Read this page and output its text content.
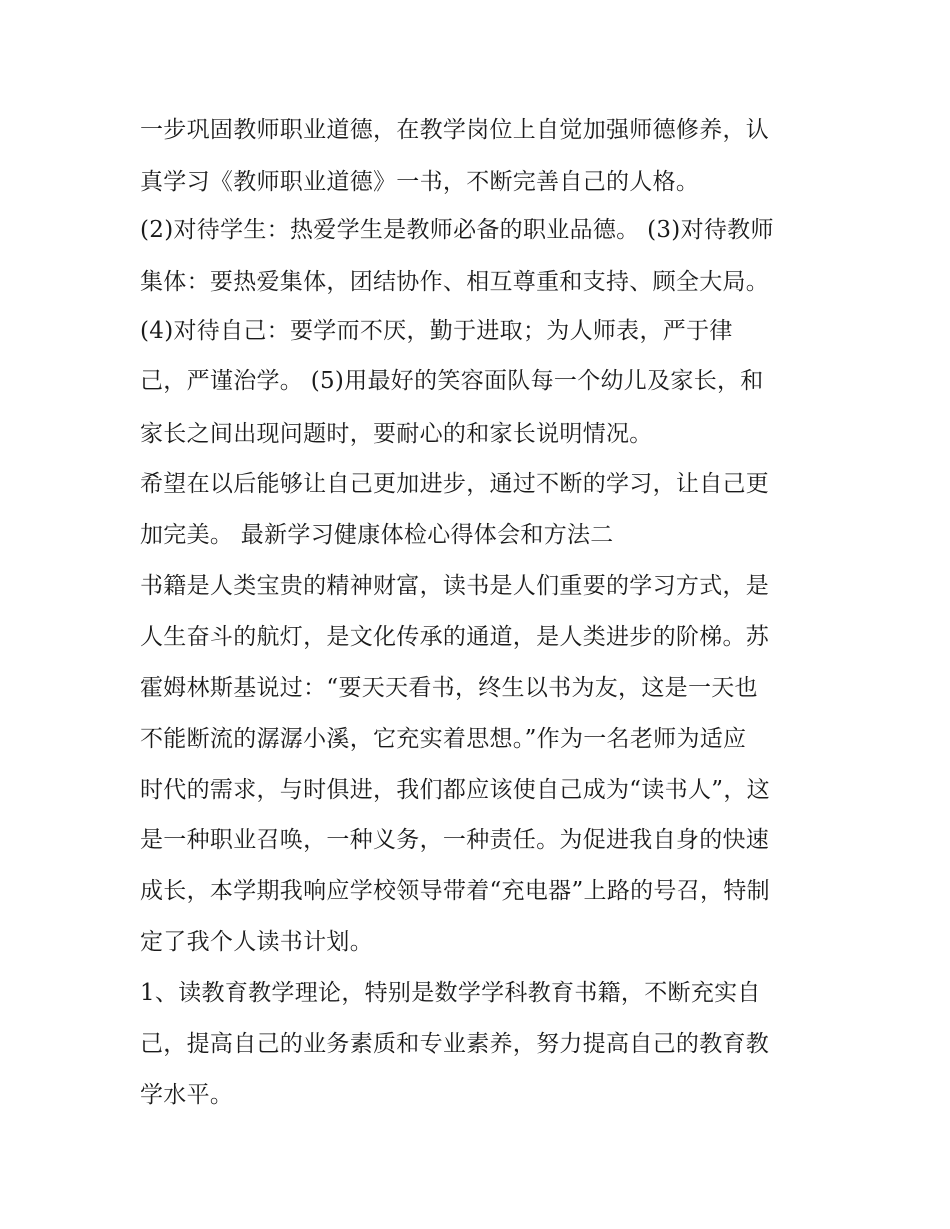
一步巩固教师职业道德，在教学岗位上自觉加强师德修养，认
真学习《教师职业道德》一书，不断完善自己的人格。
(2)对待学生：热爱学生是教师必备的职业品德。 (3)对待教师
集体：要热爱集体，团结协作、相互尊重和支持、顾全大局。
(4)对待自己：要学而不厌，勤于进取；为人师表，严于律
己，严谨治学。 (5)用最好的笑容面队每一个幼儿及家长，和
家长之间出现问题时，要耐心的和家长说明情况。
希望在以后能够让自己更加进步，通过不断的学习，让自己更
加完美。 最新学习健康体检心得体会和方法二
书籍是人类宝贵的精神财富，读书是人们重要的学习方式，是
人生奋斗的航灯，是文化传承的通道，是人类进步的阶梯。苏
霍姆林斯基说过：“要天天看书，终生以书为友，这是一天也
不能断流的潺潺小溪，它充实着思想。”作为一名老师为适应
时代的需求，与时俱进，我们都应该使自己成为“读书人”，这
是一种职业召唤，一种义务，一种责任。为促进我自身的快速
成长，本学期我响应学校领导带着“充电器”上路的号召，特制
定了我个人读书计划。
1、读教育教学理论，特别是数学学科教育书籍，不断充实自
己，提高自己的业务素质和专业素养，努力提高自己的教育教
学水平。
